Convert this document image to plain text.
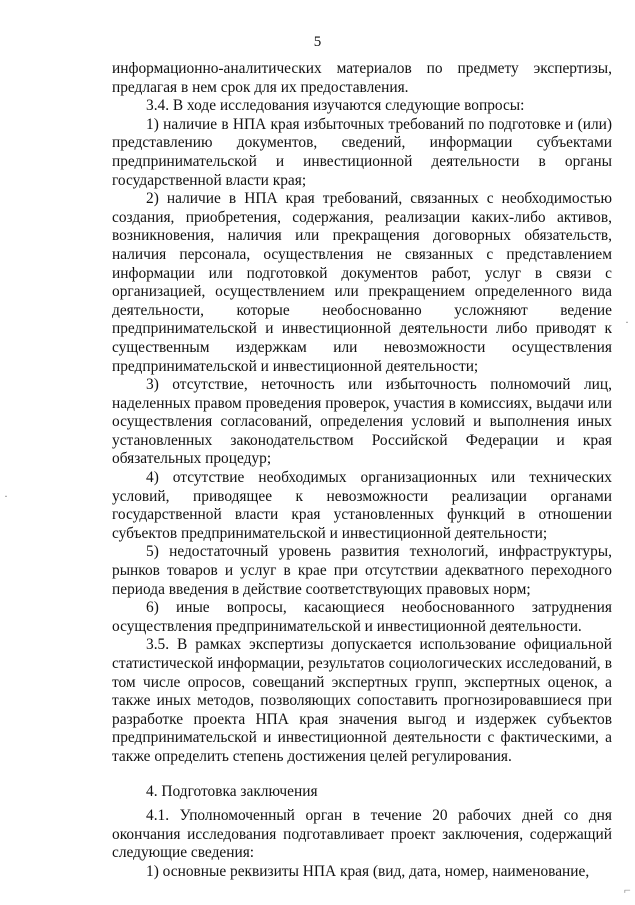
5

информационно-аналитических материалов по предмету экспертизы, предлагая в нем срок для их предоставления.

3.4. В ходе исследования изучаются следующие вопросы:

1) наличие в НПА края избыточных требований по подготовке и (или) представлению документов, сведений, информации субъектами предпринимательской и инвестиционной деятельности в органы государственной власти края;

2) наличие в НПА края требований, связанных с необходимостью создания, приобретения, содержания, реализации каких-либо активов, возникновения, наличия или прекращения договорных обязательств, наличия персонала, осуществления не связанных с представлением информации или подготовкой документов работ, услуг в связи с организацией, осуществлением или прекращением определенного вида деятельности, которые необоснованно усложняют ведение предпринимательской и инвестиционной деятельности либо приводят к существенным издержкам или невозможности осуществления предпринимательской и инвестиционной деятельности;

3) отсутствие, неточность или избыточность полномочий лиц, наделенных правом проведения проверок, участия в комиссиях, выдачи или осуществления согласований, определения условий и выполнения иных установленных законодательством Российской Федерации и края обязательных процедур;

4) отсутствие необходимых организационных или технических условий, приводящее к невозможности реализации органами государственной власти края установленных функций в отношении субъектов предпринимательской и инвестиционной деятельности;

5) недостаточный уровень развития технологий, инфраструктуры, рынков товаров и услуг в крае при отсутствии адекватного переходного периода введения в действие соответствующих правовых норм;

6) иные вопросы, касающиеся необоснованного затруднения осуществления предпринимательской и инвестиционной деятельности.

3.5. В рамках экспертизы допускается использование официальной статистической информации, результатов социологических исследований, в том числе опросов, совещаний экспертных групп, экспертных оценок, а также иных методов, позволяющих сопоставить прогнозировавшиеся при разработке проекта НПА края значения выгод и издержек субъектов предпринимательской и инвестиционной деятельности с фактическими, а также определить степень достижения целей регулирования.

4. Подготовка заключения

4.1. Уполномоченный орган в течение 20 рабочих дней со дня окончания исследования подготавливает проект заключения, содержащий следующие сведения:

1) основные реквизиты НПА края (вид, дата, номер, наименование,

·
·
⌐
